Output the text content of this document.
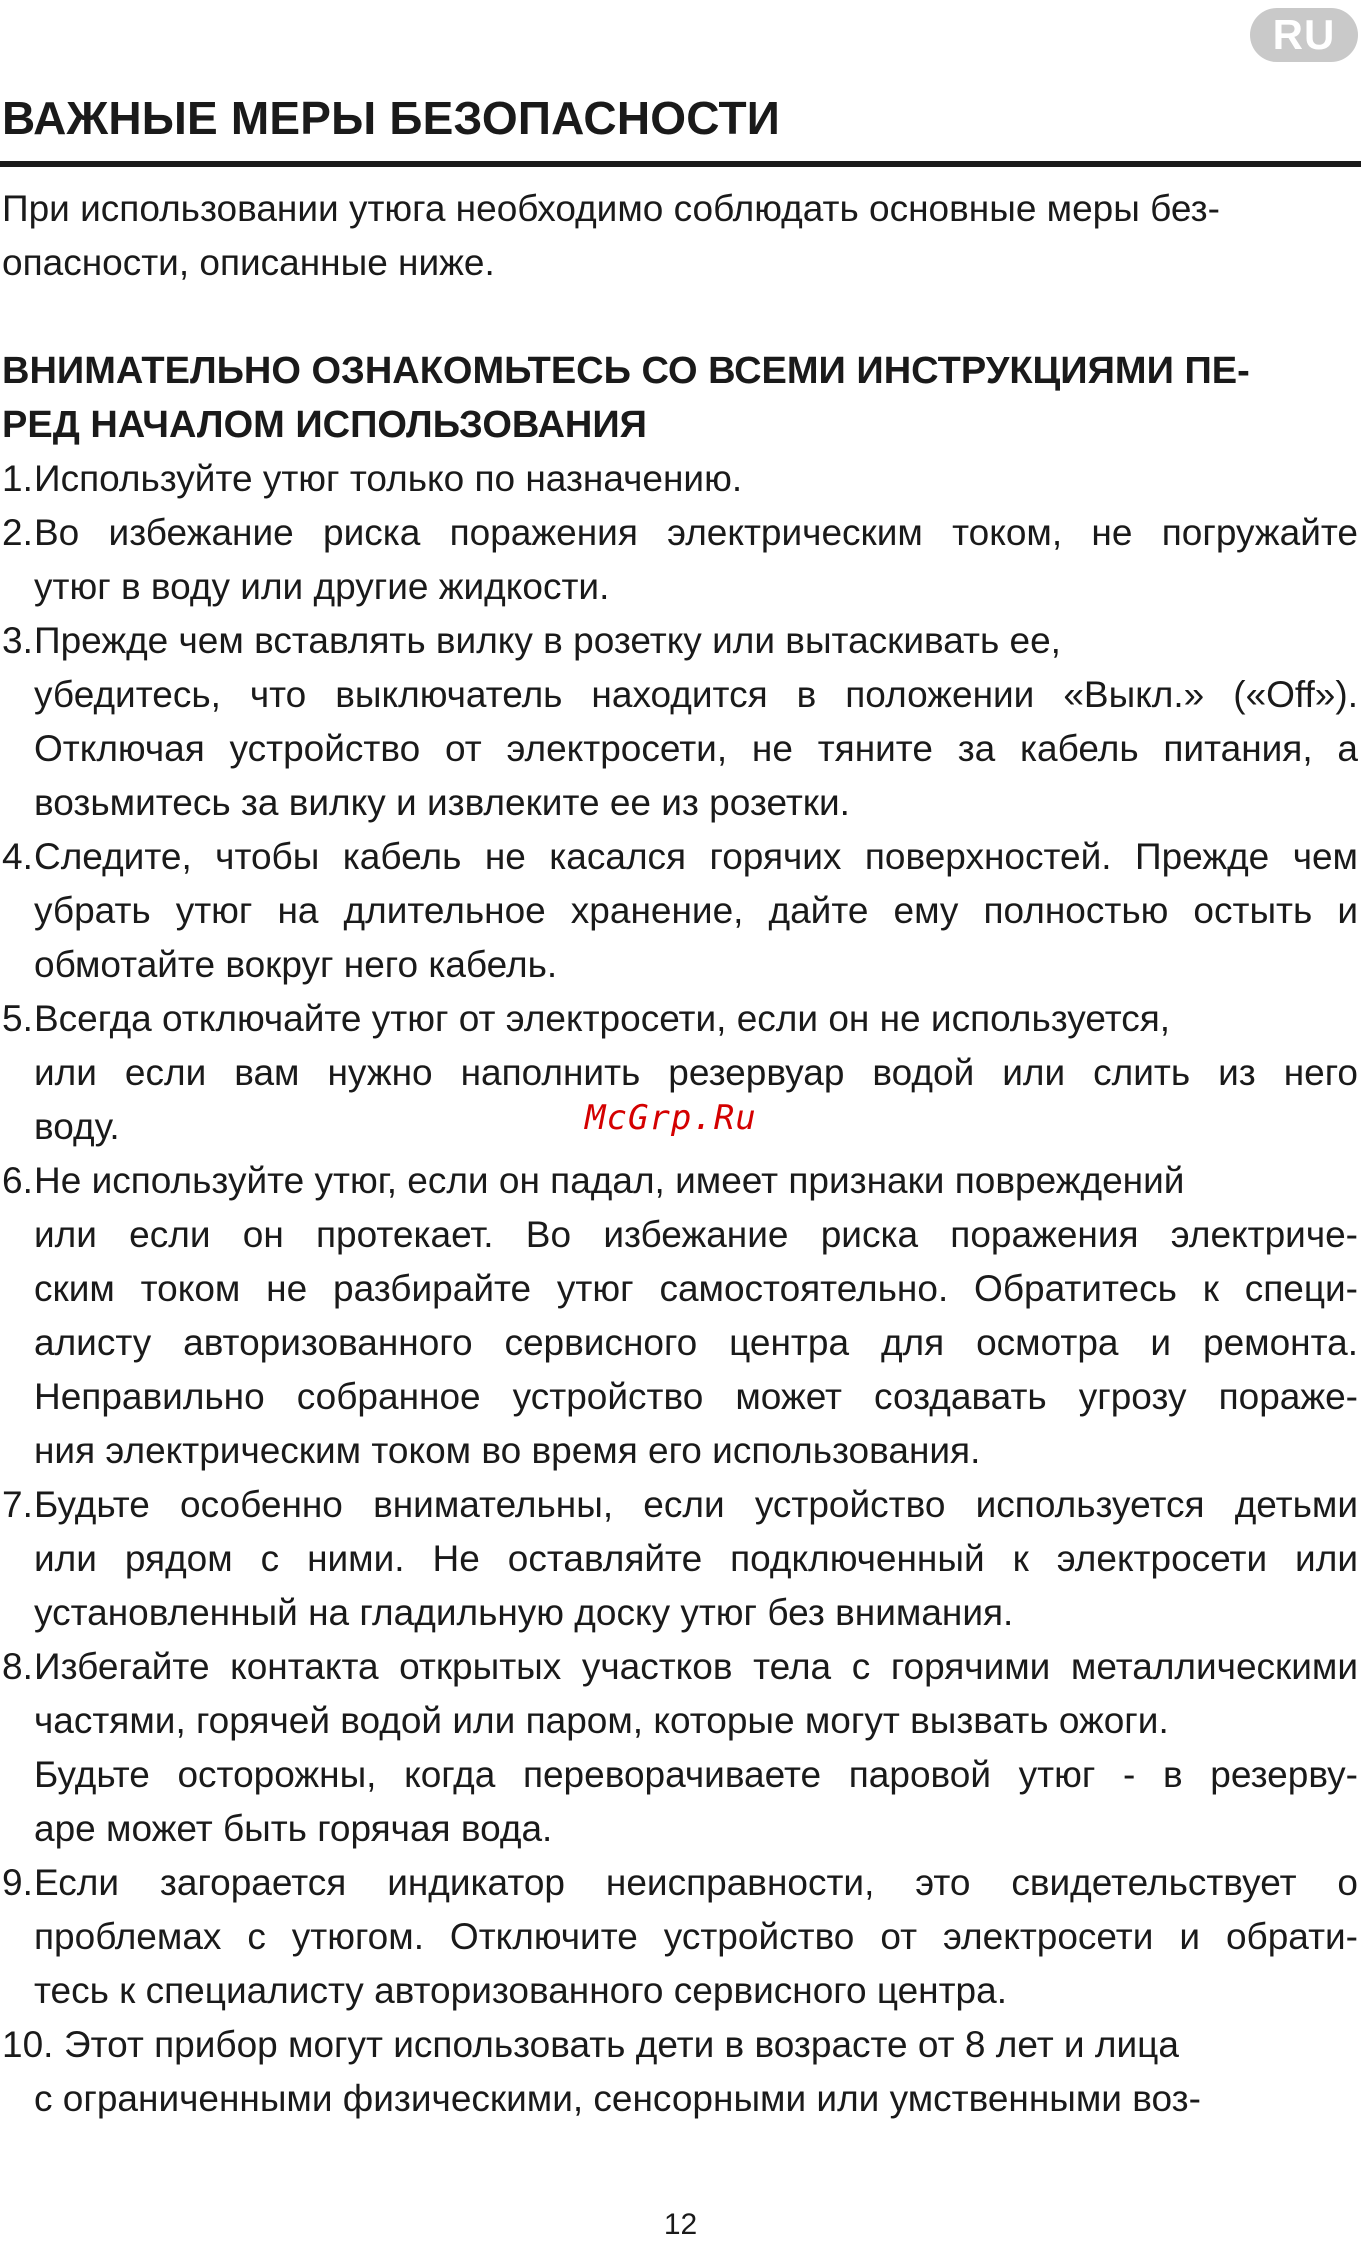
RU
ВАЖНЫЕ МЕРЫ БЕЗОПАСНОСТИ

При использовании утюга необходимо соблюдать основные меры без-
опасности, описанные ниже.

ВНИМАТЕЛЬНО ОЗНАКОМЬТЕСЬ СО ВСЕМИ ИНСТРУКЦИЯМИ ПЕ-
РЕД НАЧАЛОМ ИСПОЛЬЗОВАНИЯ
1. Используйте утюг только по назначению.
2. Во избежание риска поражения электрическим током, не погружайте
утюг в воду или другие жидкости.
3. Прежде чем вставлять вилку в розетку или вытаскивать ее,
убедитесь, что выключатель находится в положении «Выкл.» («Off»).
Отключая устройство от электросети, не тяните за кабель питания, а
возьмитесь за вилку и извлеките ее из розетки.
4. Следите, чтобы кабель не касался горячих поверхностей. Прежде чем
убрать утюг на длительное хранение, дайте ему полностью остыть и
обмотайте вокруг него кабель.
5. Всегда отключайте утюг от электросети, если он не используется,
или если вам нужно наполнить резервуар водой или слить из него
воду.
6. Не используйте утюг, если он падал, имеет признаки повреждений
или если он протекает. Во избежание риска поражения электриче-
ским током не разбирайте утюг самостоятельно. Обратитесь к специ-
алисту авторизованного сервисного центра для осмотра и ремонта.
Неправильно собранное устройство может создавать угрозу пораже-
ния электрическим током во время его использования.
7. Будьте особенно внимательны, если устройство используется детьми
или рядом с ними. Не оставляйте подключенный к электросети или
установленный на гладильную доску утюг без внимания.
8. Избегайте контакта открытых участков тела с горячими металлическими
частями, горячей водой или паром, которые могут вызвать ожоги.
Будьте осторожны, когда переворачиваете паровой утюг - в резерву-
аре может быть горячая вода.
9. Если загорается индикатор неисправности, это свидетельствует о
проблемах с утюгом. Отключите устройство от электросети и обрати-
тесь к специалисту авторизованного сервисного центра.
10. Этот прибор могут использовать дети в возрасте от 8 лет и лица
с ограниченными физическими, сенсорными или умственными воз-
McGrp.Ru
12
